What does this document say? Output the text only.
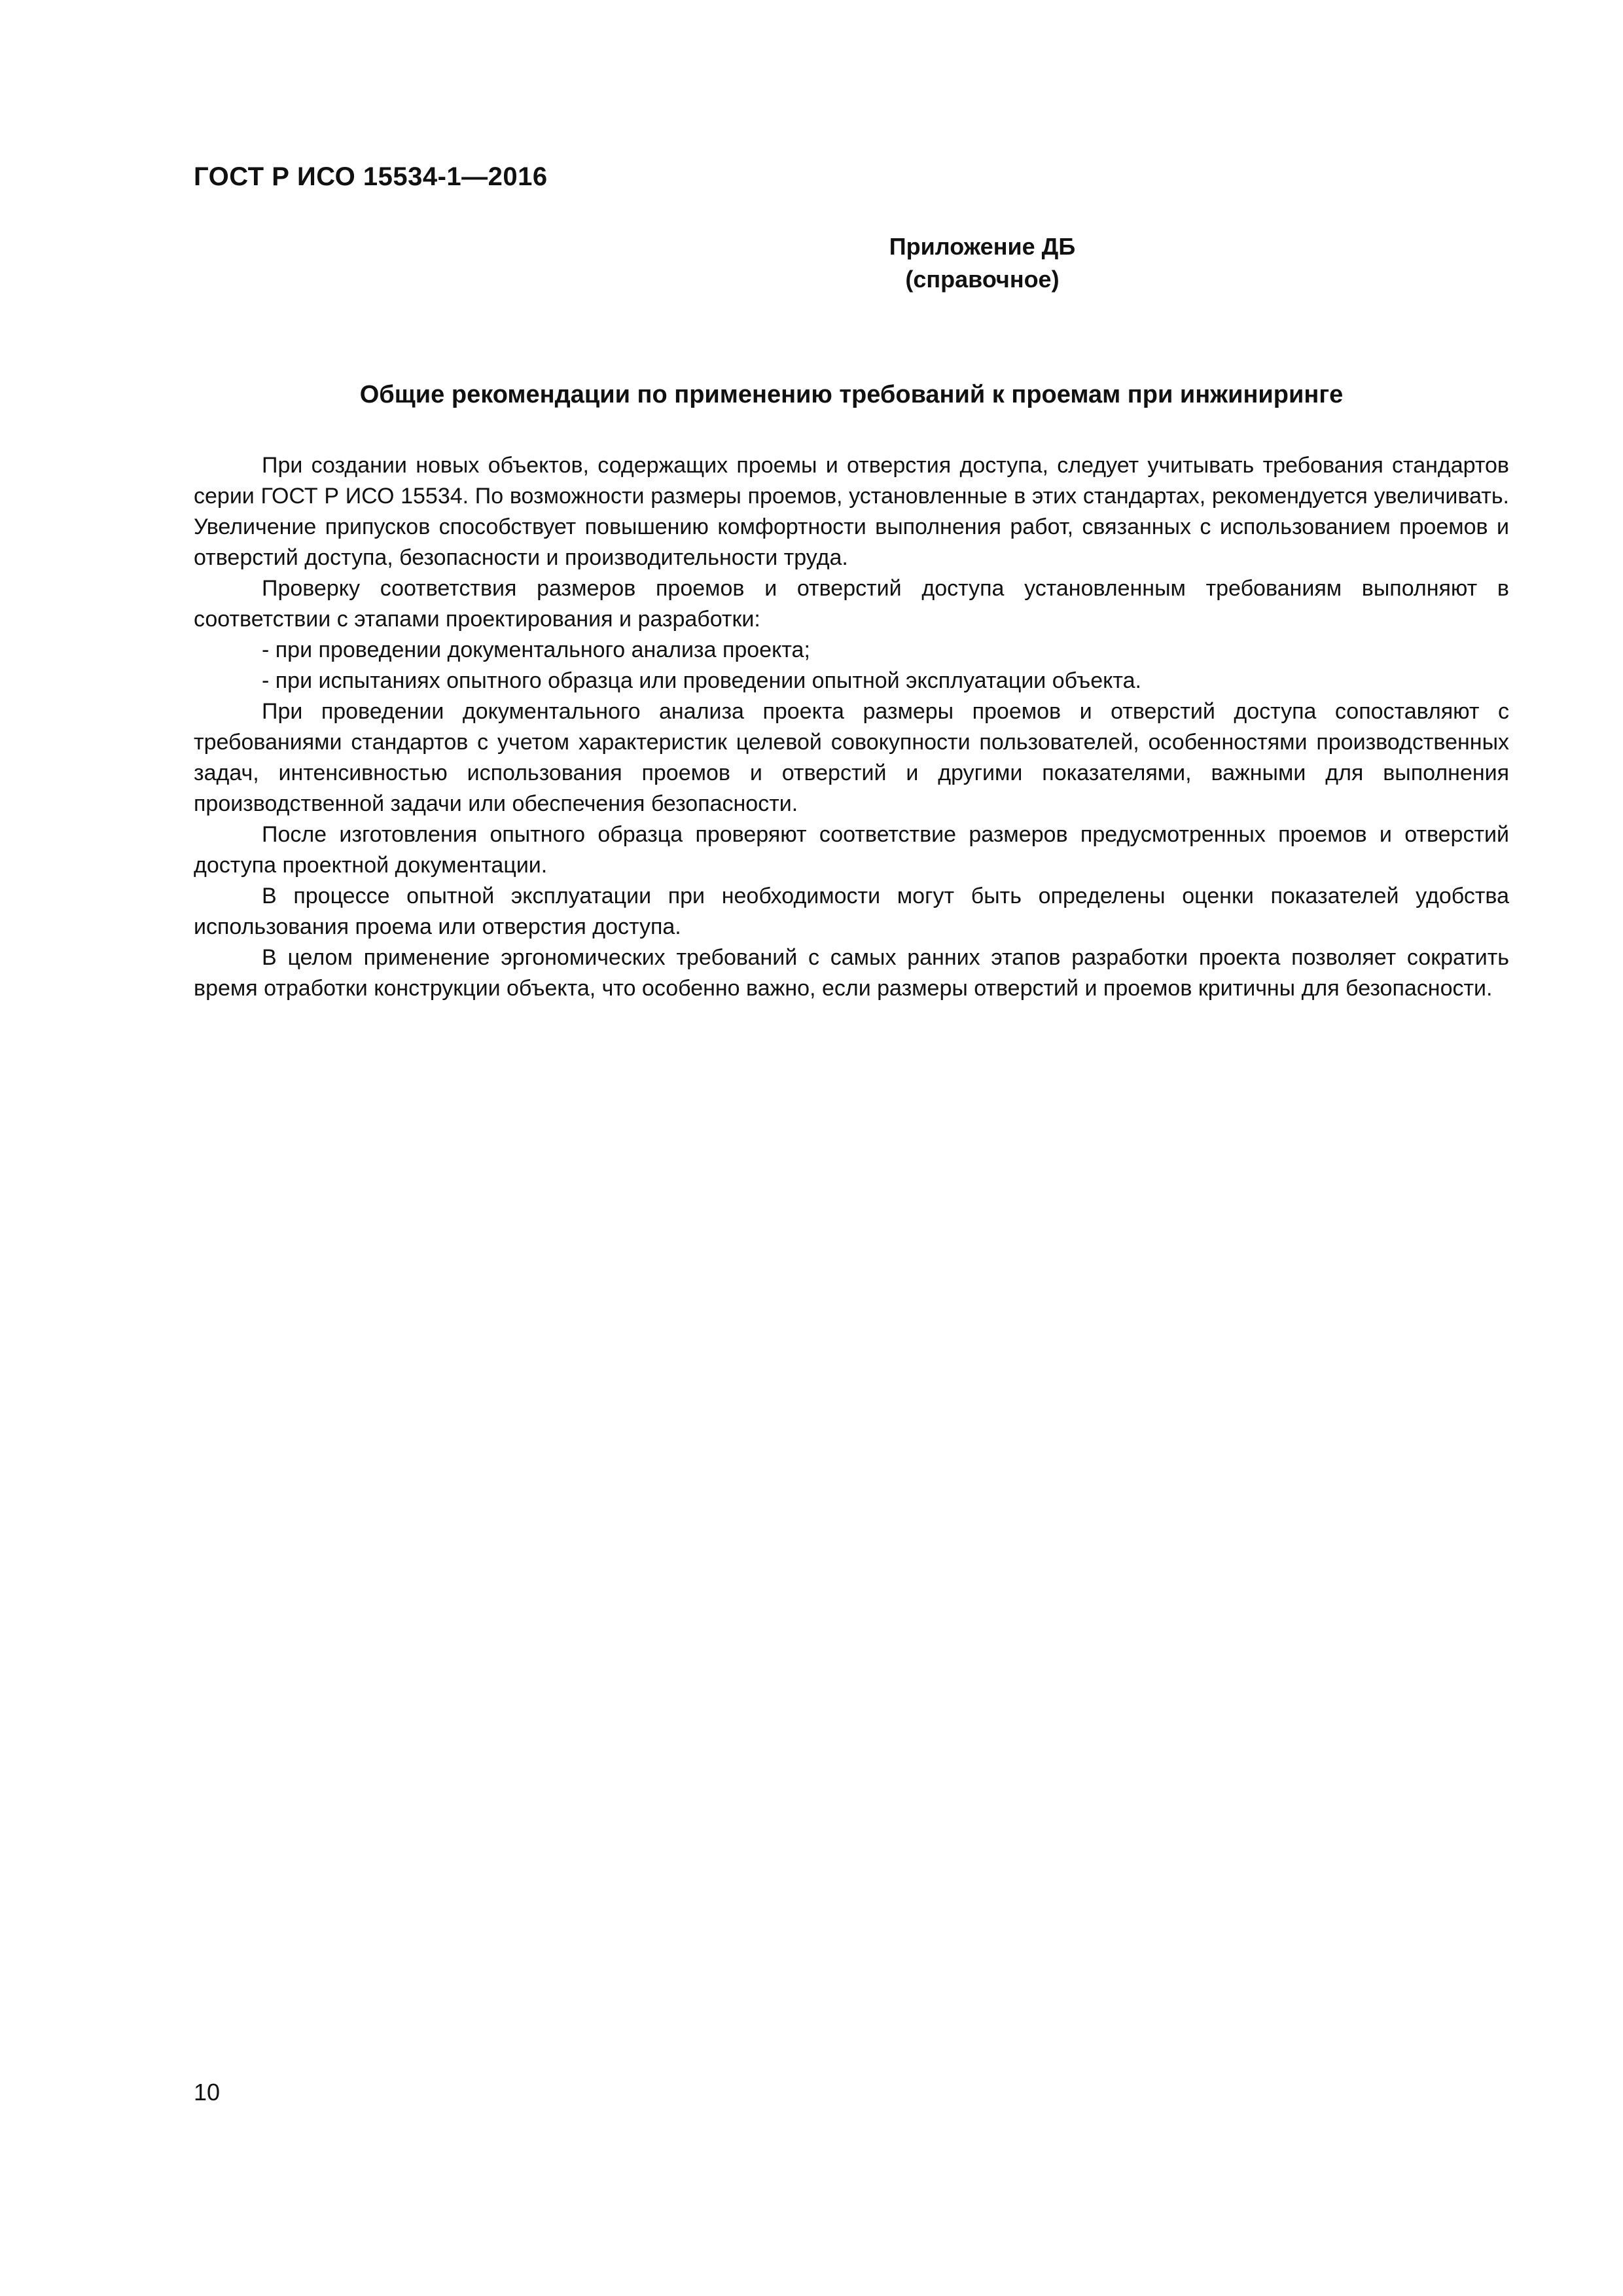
ГОСТ Р ИСО 15534-1—2016
Приложение ДБ
(справочное)
Общие рекомендации по применению требований к проемам при инжиниринге

При создании новых объектов, содержащих проемы и отверстия доступа, следует учитывать требования стандартов серии ГОСТ Р ИСО 15534. По возможности размеры проемов, установленные в этих стандартах, рекомендуется увеличивать. Увеличение припусков способствует повышению комфортности выполнения работ, связанных с использованием проемов и отверстий доступа, безопасности и производительности труда.

Проверку соответствия размеров проемов и отверстий доступа установленным требованиям выполняют в соответствии с этапами проектирования и разработки:

- при проведении документального анализа проекта;

- при испытаниях опытного образца или проведении опытной эксплуатации объекта.

При проведении документального анализа проекта размеры проемов и отверстий доступа сопоставляют с требованиями стандартов с учетом характеристик целевой совокупности пользователей, особенностями производственных задач, интенсивностью использования проемов и отверстий и другими показателями, важными для выполнения производственной задачи или обеспечения безопасности.

После изготовления опытного образца проверяют соответствие размеров предусмотренных проемов и отверстий доступа проектной документации.

В процессе опытной эксплуатации при необходимости могут быть определены оценки показателей удобства использования проема или отверстия доступа.

В целом применение эргономических требований с самых ранних этапов разработки проекта позволяет сократить время отработки конструкции объекта, что особенно важно, если размеры отверстий и проемов критичны для безопасности.

10
